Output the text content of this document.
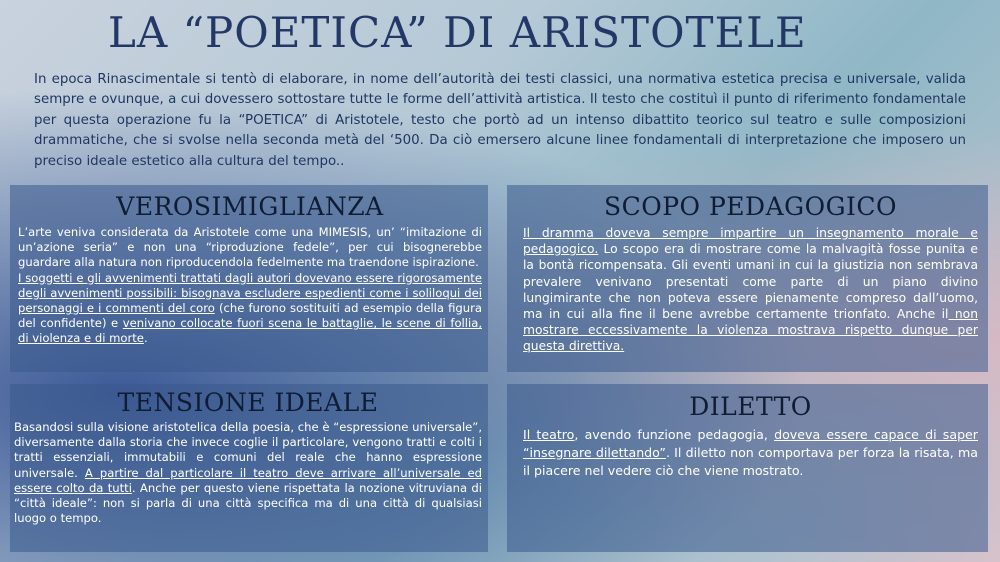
LA “POETICA” DI ARISTOTELE

In epoca Rinascimentale si tentò di elaborare, in nome dell’autorità dei testi classici, una normativa estetica precisa e universale, valida sempre e ovunque, a cui dovessero sottostare tutte le forme dell’attività artistica. Il testo che costituì il punto di riferimento fondamentale per questa operazione fu la “POETICA” di Aristotele, testo che portò ad un intenso dibattito teorico sul teatro e sulle composizioni drammatiche, che si svolse nella seconda metà del ‘500. Da ciò emersero alcune linee fondamentali di interpretazione che imposero un preciso ideale estetico alla cultura del tempo..

VEROSIMIGLIANZA

L’arte veniva considerata da Aristotele come una MIMESIS, un’ “imitazione di un’azione seria” e non una “riproduzione fedele”, per cui bisognerebbe guardare alla natura non riproducendola fedelmente ma traendone ispirazione.

I soggetti e gli avvenimenti trattati dagli autori dovevano essere rigorosamente degli avvenimenti possibili: bisognava escludere espedienti come i soliloqui dei personaggi e i commenti del coro (che furono sostituiti ad esempio della figura del confidente) e venivano collocate fuori scena le battaglie, le scene di follia, di violenza e di morte.

SCOPO PEDAGOGICO

Il dramma doveva sempre impartire un insegnamento morale e pedagogico. Lo scopo era di mostrare come la malvagità fosse punita e la bontà ricompensata. Gli eventi umani in cui la giustizia non sembrava prevalere venivano presentati come parte di un piano divino lungimirante che non poteva essere pienamente compreso dall’uomo, ma in cui alla fine il bene avrebbe certamente trionfato. Anche il non mostrare eccessivamente la violenza mostrava rispetto dunque per questa direttiva.

TENSIONE IDEALE

Basandosi sulla visione aristotelica della poesia, che è “espressione universale”, diversamente dalla storia che invece coglie il particolare, vengono tratti e colti i tratti essenziali, immutabili e comuni del reale che hanno espressione universale. A partire dal particolare il teatro deve arrivare all’universale ed essere colto da tutti. Anche per questo viene rispettata la nozione vitruviana di “città ideale”: non si parla di una città specifica ma di una città di qualsiasi luogo o tempo.

DILETTO

Il teatro, avendo funzione pedagogia, doveva essere capace di saper “insegnare dilettando”. Il diletto non comportava per forza la risata, ma il piacere nel vedere ciò che viene mostrato.
